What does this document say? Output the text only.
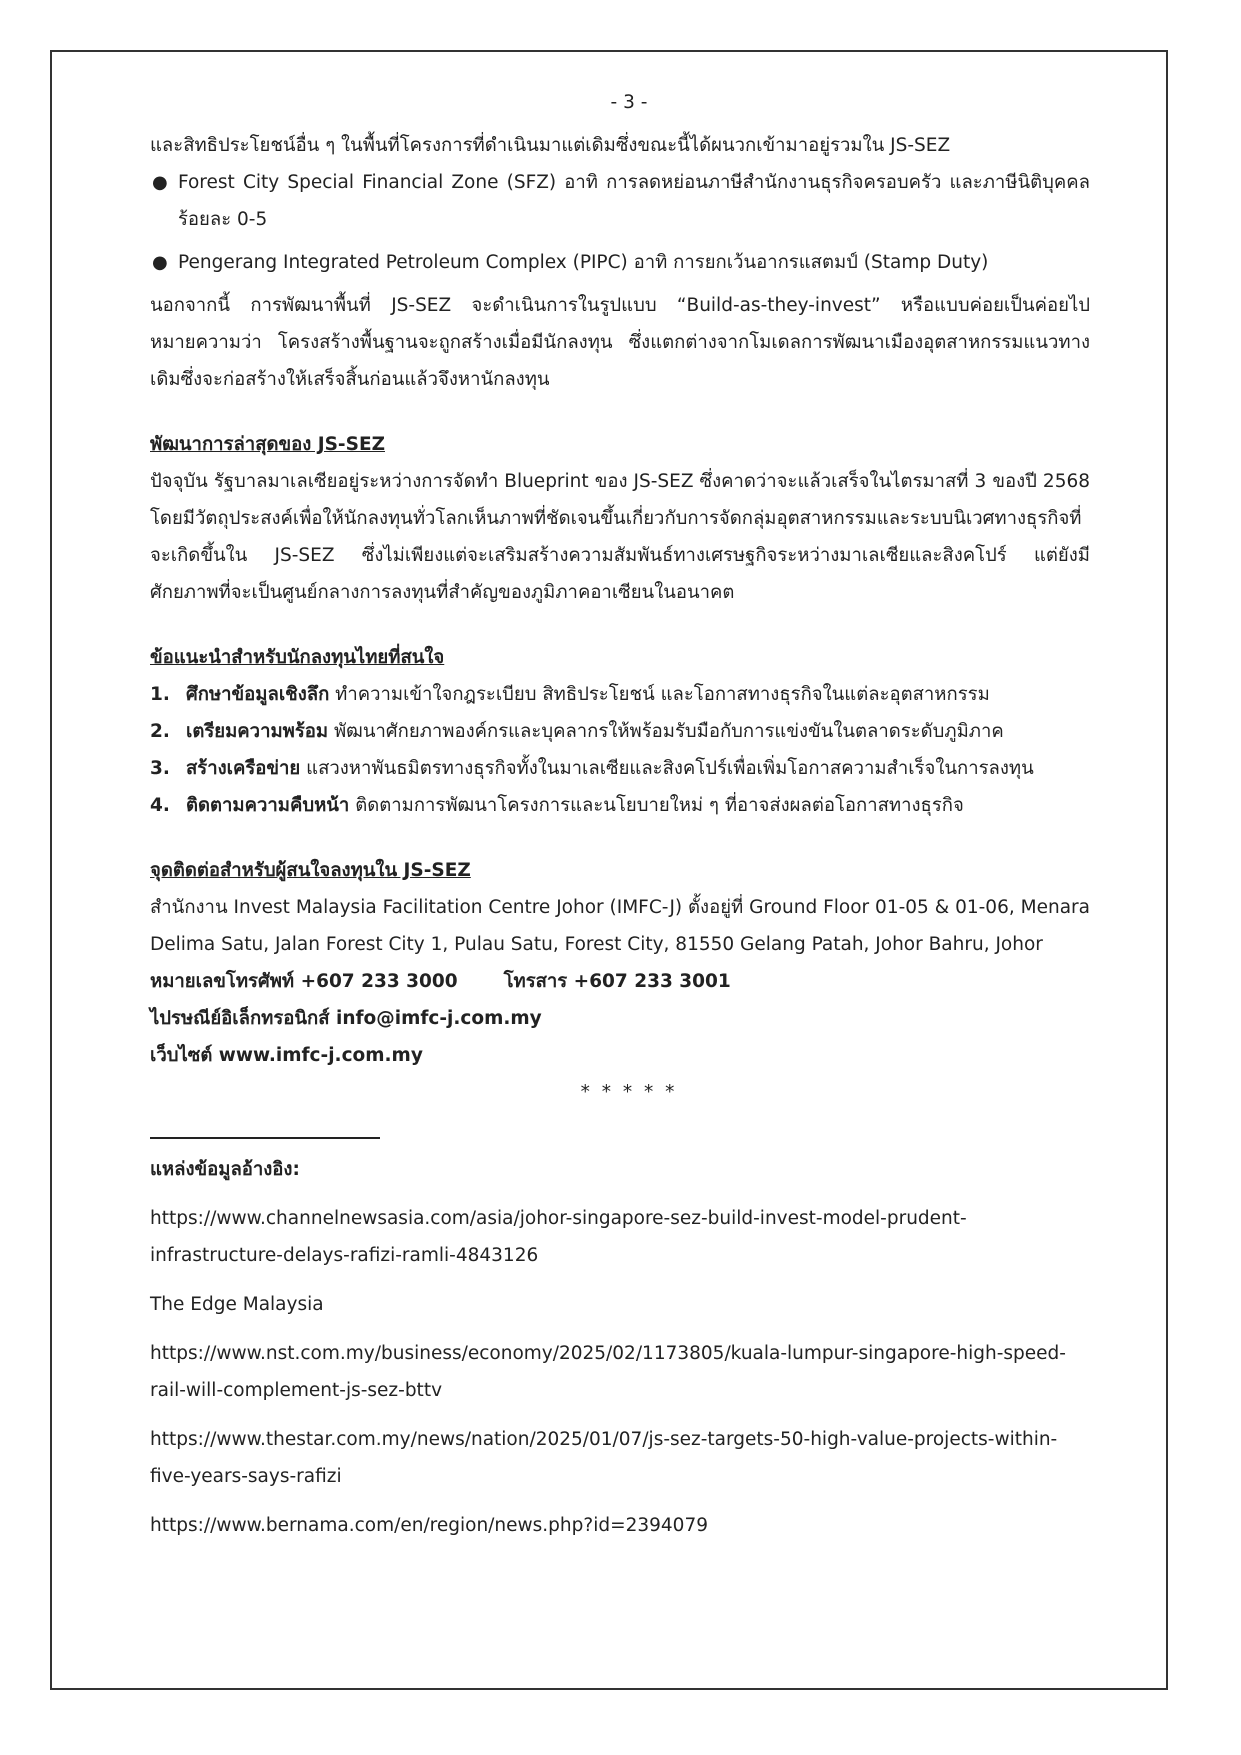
- 3 -

และสิทธิประโยชน์อื่น ๆ ในพื้นที่โครงการที่ดำเนินมาแต่เดิมซึ่งขณะนี้ได้ผนวกเข้ามาอยู่รวมใน JS-SEZ

● Forest City Special Financial Zone (SFZ) อาทิ การลดหย่อนภาษีสำนักงานธุรกิจครอบครัว และภาษีนิติบุคคลร้อยละ 0-5

● Pengerang Integrated Petroleum Complex (PIPC) อาทิ การยกเว้นอากรแสตมป์ (Stamp Duty)

นอกจากนี้ การพัฒนาพื้นที่ JS-SEZ จะดำเนินการในรูปแบบ “Build-as-they-invest” หรือแบบค่อยเป็นค่อยไป หมายความว่า โครงสร้างพื้นฐานจะถูกสร้างเมื่อมีนักลงทุน ซึ่งแตกต่างจากโมเดลการพัฒนาเมืองอุตสาหกรรมแนวทางเดิมซึ่งจะก่อสร้างให้เสร็จสิ้นก่อนแล้วจึงหานักลงทุน

พัฒนาการล่าสุดของ JS-SEZ

ปัจจุบัน รัฐบาลมาเลเซียอยู่ระหว่างการจัดทำ Blueprint ของ JS-SEZ ซึ่งคาดว่าจะแล้วเสร็จในไตรมาสที่ 3 ของปี 2568 โดยมีวัตถุประสงค์เพื่อให้นักลงทุนทั่วโลกเห็นภาพที่ชัดเจนขึ้นเกี่ยวกับการจัดกลุ่มอุตสาหกรรมและระบบนิเวศทางธุรกิจที่จะเกิดขึ้นใน JS-SEZ ซึ่งไม่เพียงแต่จะเสริมสร้างความสัมพันธ์ทางเศรษฐกิจระหว่างมาเลเซียและสิงคโปร์ แต่ยังมีศักยภาพที่จะเป็นศูนย์กลางการลงทุนที่สำคัญของภูมิภาคอาเซียนในอนาคต

ข้อแนะนำสำหรับนักลงทุนไทยที่สนใจ
1. ศึกษาข้อมูลเชิงลึก ทำความเข้าใจกฎระเบียบ สิทธิประโยชน์ และโอกาสทางธุรกิจในแต่ละอุตสาหกรรม
2. เตรียมความพร้อม พัฒนาศักยภาพองค์กรและบุคลากรให้พร้อมรับมือกับการแข่งขันในตลาดระดับภูมิภาค
3. สร้างเครือข่าย แสวงหาพันธมิตรทางธุรกิจทั้งในมาเลเซียและสิงคโปร์เพื่อเพิ่มโอกาสความสำเร็จในการลงทุน
4. ติดตามความคืบหน้า ติดตามการพัฒนาโครงการและนโยบายใหม่ ๆ ที่อาจส่งผลต่อโอกาสทางธุรกิจ
จุดติดต่อสำหรับผู้สนใจลงทุนใน JS-SEZ

สำนักงาน Invest Malaysia Facilitation Centre Johor (IMFC-J) ตั้งอยู่ที่ Ground Floor 01-05 & 01-06, Menara Delima Satu, Jalan Forest City 1, Pulau Satu, Forest City, 81550 Gelang Patah, Johor Bahru, Johor

หมายเลขโทรศัพท์ +607 233 3000 โทรสาร +607 233 3001
ไปรษณีย์อิเล็กทรอนิกส์ info@imfc-j.com.my
เว็บไซต์ www.imfc-j.com.my
* * * * *
แหล่งข้อมูลอ้างอิง:
https://www.channelnewsasia.com/asia/johor-singapore-sez-build-invest-model-prudent-infrastructure-delays-rafizi-ramli-4843126
The Edge Malaysia
https://www.nst.com.my/business/economy/2025/02/1173805/kuala-lumpur-singapore-high-speed-rail-will-complement-js-sez-bttv
https://www.thestar.com.my/news/nation/2025/01/07/js-sez-targets-50-high-value-projects-within-five-years-says-rafizi
https://www.bernama.com/en/region/news.php?id=2394079
